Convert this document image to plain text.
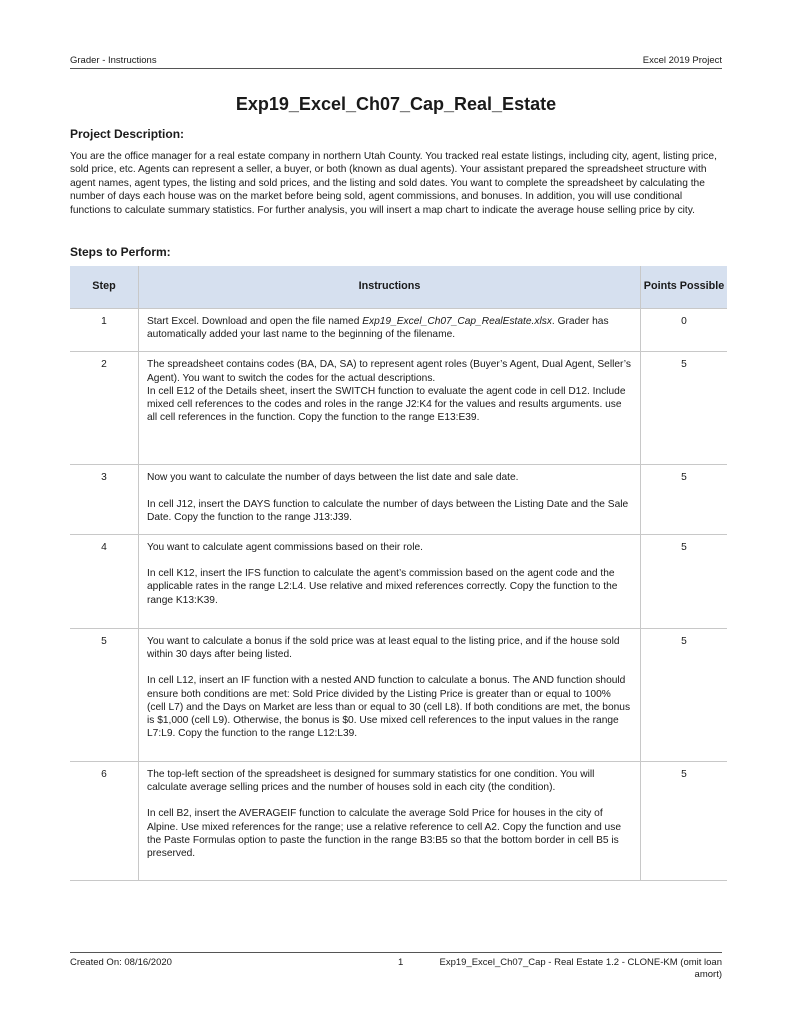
Grader - Instructions	Excel 2019 Project
Exp19_Excel_Ch07_Cap_Real_Estate
Project Description:
You are the office manager for a real estate company in northern Utah County. You tracked real estate listings, including city, agent, listing price, sold price, etc. Agents can represent a seller, a buyer, or both (known as dual agents). Your assistant prepared the spreadsheet structure with agent names, agent types, the listing and sold prices, and the listing and sold dates. You want to complete the spreadsheet by calculating the number of days each house was on the market before being sold, agent commissions, and bonuses. In addition, you will use conditional functions to calculate summary statistics. For further analysis, you will insert a map chart to indicate the average house selling price by city.
Steps to Perform:
Step	Instructions	Points Possible
1	Start Excel. Download and open the file named Exp19_Excel_Ch07_Cap_RealEstate.xlsx. Grader has automatically added your last name to the beginning of the filename.	0
2	The spreadsheet contains codes (BA, DA, SA) to represent agent roles (Buyer’s Agent, Dual Agent, Seller’s Agent). You want to switch the codes for the actual descriptions.

In cell E12 of the Details sheet, insert the SWITCH function to evaluate the agent code in cell D12. Include mixed cell references to the codes and roles in the range J2:K4 for the values and results arguments. use all cell references in the function. Copy the function to the range E13:E39.	5
3	Now you want to calculate the number of days between the list date and sale date.

In cell J12, insert the DAYS function to calculate the number of days between the Listing Date and the Sale Date. Copy the function to the range J13:J39.	5
4	You want to calculate agent commissions based on their role.

In cell K12, insert the IFS function to calculate the agent’s commission based on the agent code and the applicable rates in the range L2:L4. Use relative and mixed references correctly. Copy the function to the range K13:K39.	5
5	You want to calculate a bonus if the sold price was at least equal to the listing price, and if the house sold within 30 days after being listed.

In cell L12, insert an IF function with a nested AND function to calculate a bonus. The AND function should ensure both conditions are met: Sold Price divided by the Listing Price is greater than or equal to 100% (cell L7) and the Days on Market are less than or equal to 30 (cell L8). If both conditions are met, the bonus is $1,000 (cell L9). Otherwise, the bonus is $0. Use mixed cell references to the input values in the range L7:L9. Copy the function to the range L12:L39.	5
6	The top-left section of the spreadsheet is designed for summary statistics for one condition. You will calculate average selling prices and the number of houses sold in each city (the condition).

In cell B2, insert the AVERAGEIF function to calculate the average Sold Price for houses in the city of Alpine. Use mixed references for the range; use a relative reference to cell A2. Copy the function and use the Paste Formulas option to paste the function in the range B3:B5 so that the bottom border in cell B5 is preserved.	5
Created On: 08/16/2020	1	Exp19_Excel_Ch07_Cap - Real Estate 1.2 - CLONE-KM (omit loan amort)
